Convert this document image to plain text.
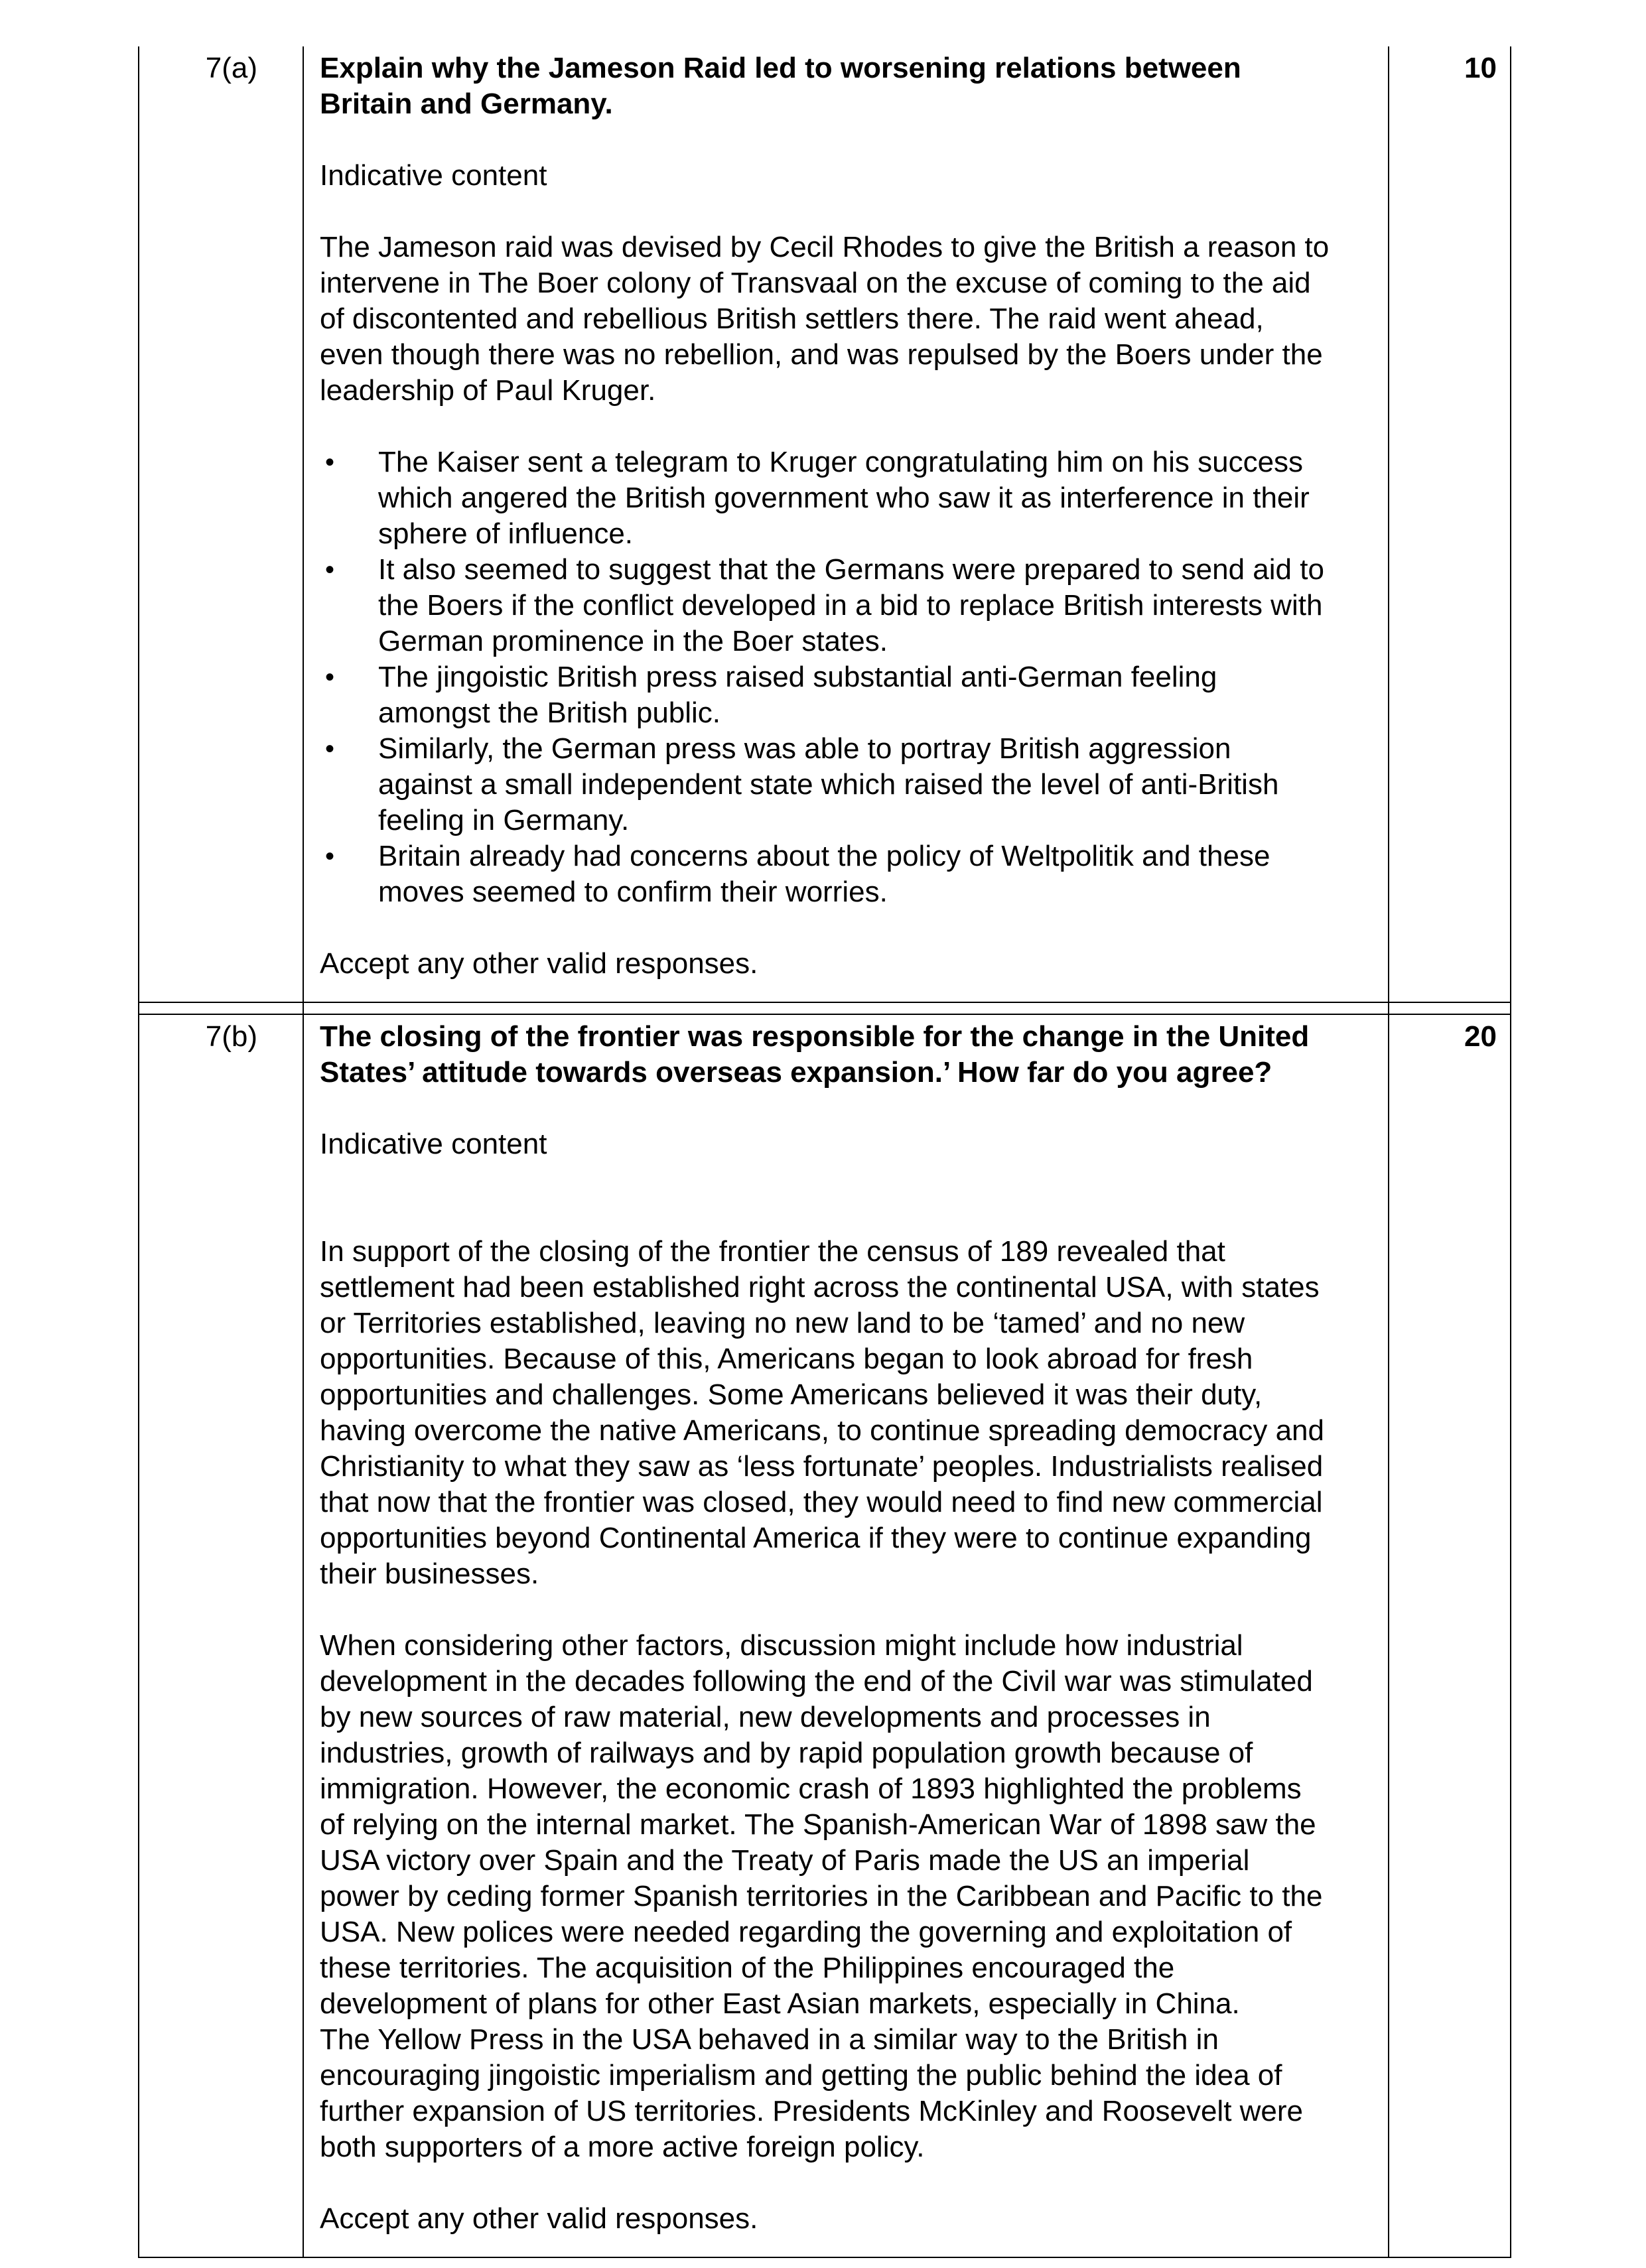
7(a)	Explain why the Jameson Raid led to worsening relations between

Britain and Germany.

Indicative content

The Jameson raid was devised by Cecil Rhodes to give the British a reason to

intervene in The Boer colony of Transvaal on the excuse of coming to the aid

of discontented and rebellious British settlers there. The raid went ahead,

even though there was no rebellion, and was repulsed by the Boers under the

leadership of Paul Kruger.

• The Kaiser sent a telegram to Kruger congratulating him on his success

which angered the British government who saw it as interference in their

sphere of influence.

• It also seemed to suggest that the Germans were prepared to send aid to

the Boers if the conflict developed in a bid to replace British interests with

German prominence in the Boer states.

• The jingoistic British press raised substantial anti-German feeling

amongst the British public.

• Similarly, the German press was able to portray British aggression

against a small independent state which raised the level of anti-British

feeling in Germany.

• Britain already had concerns about the policy of Weltpolitik and these

moves seemed to confirm their worries.

Accept any other valid responses.

10
7(b)	The closing of the frontier was responsible for the change in the United

States’ attitude towards overseas expansion.’ How far do you agree?

Indicative content

In support of the closing of the frontier the census of 189 revealed that

settlement had been established right across the continental USA, with states

or Territories established, leaving no new land to be ‘tamed’ and no new

opportunities. Because of this, Americans began to look abroad for fresh

opportunities and challenges. Some Americans believed it was their duty,

having overcome the native Americans, to continue spreading democracy and

Christianity to what they saw as ‘less fortunate’ peoples. Industrialists realised

that now that the frontier was closed, they would need to find new commercial

opportunities beyond Continental America if they were to continue expanding

their businesses.

When considering other factors, discussion might include how industrial

development in the decades following the end of the Civil war was stimulated

by new sources of raw material, new developments and processes in

industries, growth of railways and by rapid population growth because of

immigration. However, the economic crash of 1893 highlighted the problems

of relying on the internal market. The Spanish-American War of 1898 saw the

USA victory over Spain and the Treaty of Paris made the US an imperial

power by ceding former Spanish territories in the Caribbean and Pacific to the

USA. New polices were needed regarding the governing and exploitation of

these territories. The acquisition of the Philippines encouraged the

development of plans for other East Asian markets, especially in China.

The Yellow Press in the USA behaved in a similar way to the British in

encouraging jingoistic imperialism and getting the public behind the idea of

further expansion of US territories. Presidents McKinley and Roosevelt were

both supporters of a more active foreign policy.

Accept any other valid responses.

20
